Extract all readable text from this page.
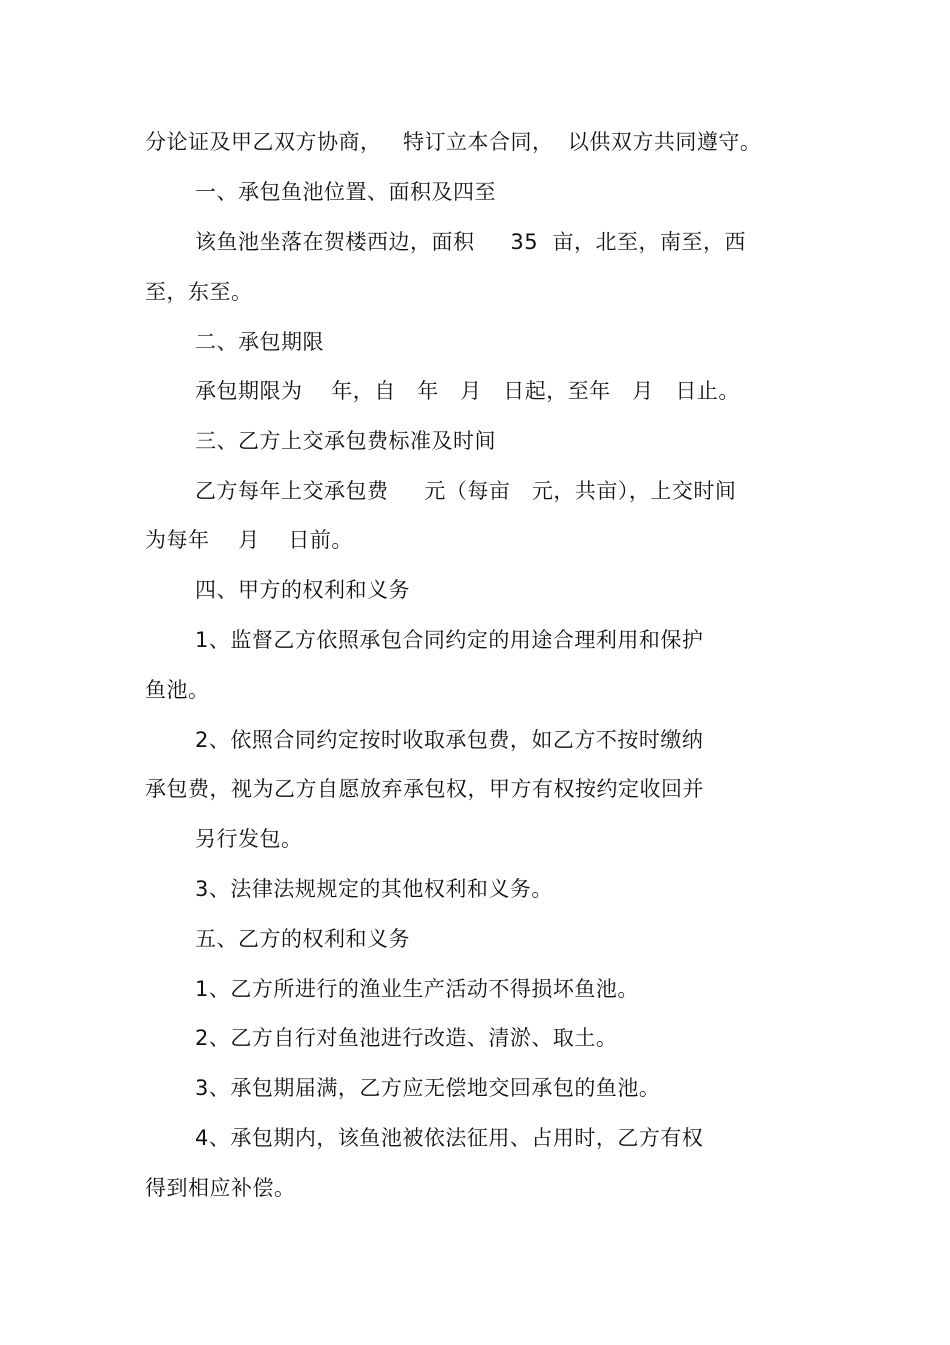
分论证及甲乙双方协商，   特订立本合同，  以供双方共同遵守。
一、承包鱼池位置、面积及四至
该鱼池坐落在贺楼西边，面积     35  亩，北至，南至，西
至，东至。
二、承包期限
承包期限为    年，自   年   月   日起，至年   月   日止。
三、乙方上交承包费标准及时间
乙方每年上交承包费     元（每亩   元，共亩），上交时间
为每年    月    日前。
四、甲方的权利和义务
1、监督乙方依照承包合同约定的用途合理利用和保护
鱼池。
2、依照合同约定按时收取承包费，如乙方不按时缴纳
承包费，视为乙方自愿放弃承包权，甲方有权按约定收回并
另行发包。
3、法律法规规定的其他权利和义务。
五、乙方的权利和义务
1、乙方所进行的渔业生产活动不得损坏鱼池。
2、乙方自行对鱼池进行改造、清淤、取土。
3、承包期届满，乙方应无偿地交回承包的鱼池。
4、承包期内，该鱼池被依法征用、占用时，乙方有权
得到相应补偿。
